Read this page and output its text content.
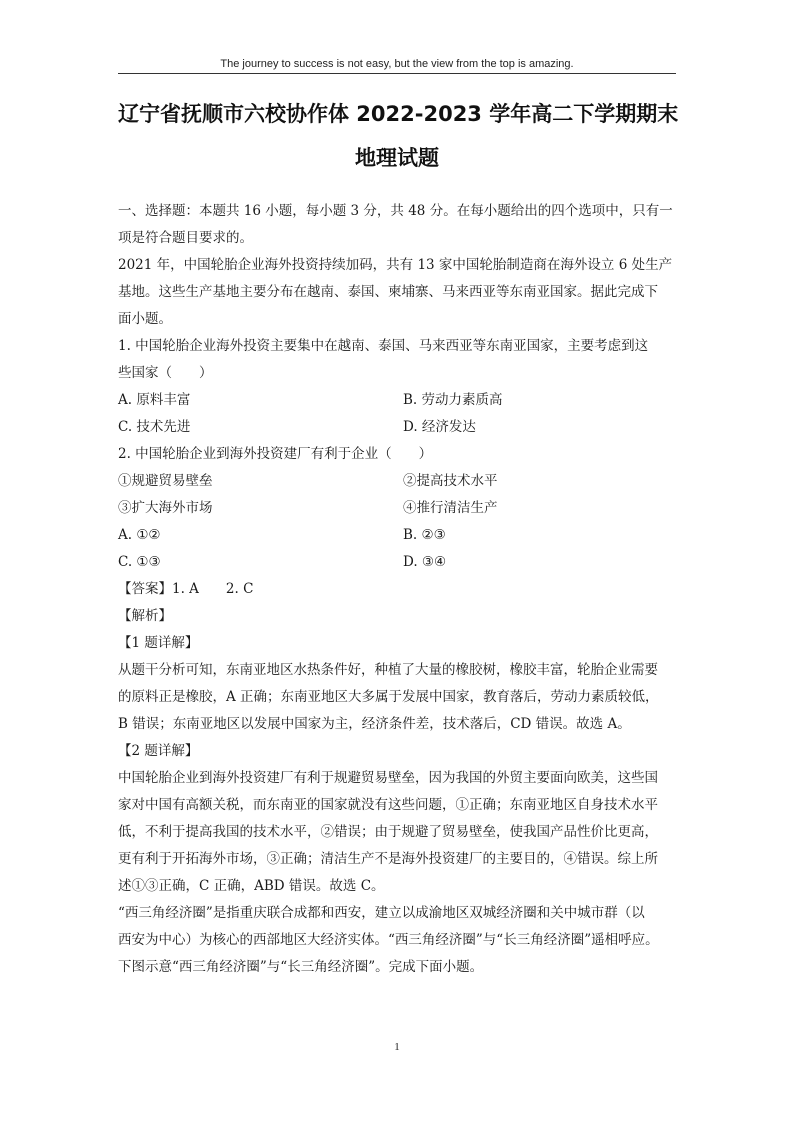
The journey to success is not easy, but the view from the top is amazing.
辽宁省抚顺市六校协作体 2022-2023 学年高二下学期期末
地理试题

一、选择题：本题共 16 小题，每小题 3 分，共 48 分。在每小题给出的四个选项中，只有一

项是符合题目要求的。

2021 年，中国轮胎企业海外投资持续加码，共有 13 家中国轮胎制造商在海外设立 6 处生产

基地。这些生产基地主要分布在越南、泰国、柬埔寨、马来西亚等东南亚国家。据此完成下

面小题。

1. 中国轮胎企业海外投资主要集中在越南、泰国、马来西亚等东南亚国家，主要考虑到这

些国家（　　）

A. 原料丰富	B. 劳动力素质高
C. 技术先进	D. 经济发达

2. 中国轮胎企业到海外投资建厂有利于企业（　　）

①规避贸易壁垒	②提高技术水平
③扩大海外市场	④推行清洁生产
A. ①②	B. ②③
C. ①③	D. ③④

【答案】1. A　　2. C

【解析】

【1 题详解】

从题干分析可知，东南亚地区水热条件好，种植了大量的橡胶树，橡胶丰富，轮胎企业需要

的原料正是橡胶，A 正确；东南亚地区大多属于发展中国家，教育落后，劳动力素质较低，

B 错误；东南亚地区以发展中国家为主，经济条件差，技术落后，CD 错误。故选 A。

【2 题详解】

中国轮胎企业到海外投资建厂有利于规避贸易壁垒，因为我国的外贸主要面向欧美，这些国

家对中国有高额关税，而东南亚的国家就没有这些问题，①正确；东南亚地区自身技术水平

低，不利于提高我国的技术水平，②错误；由于规避了贸易壁垒，使我国产品性价比更高，

更有利于开拓海外市场，③正确；清洁生产不是海外投资建厂的主要目的，④错误。综上所

述①③正确，C 正确，ABD 错误。故选 C。

“西三角经济圈”是指重庆联合成都和西安，建立以成渝地区双城经济圈和关中城市群（以

西安为中心）为核心的西部地区大经济实体。“西三角经济圈”与“长三角经济圈”遥相呼应。

下图示意“西三角经济圈”与“长三角经济圈”。完成下面小题。

1
